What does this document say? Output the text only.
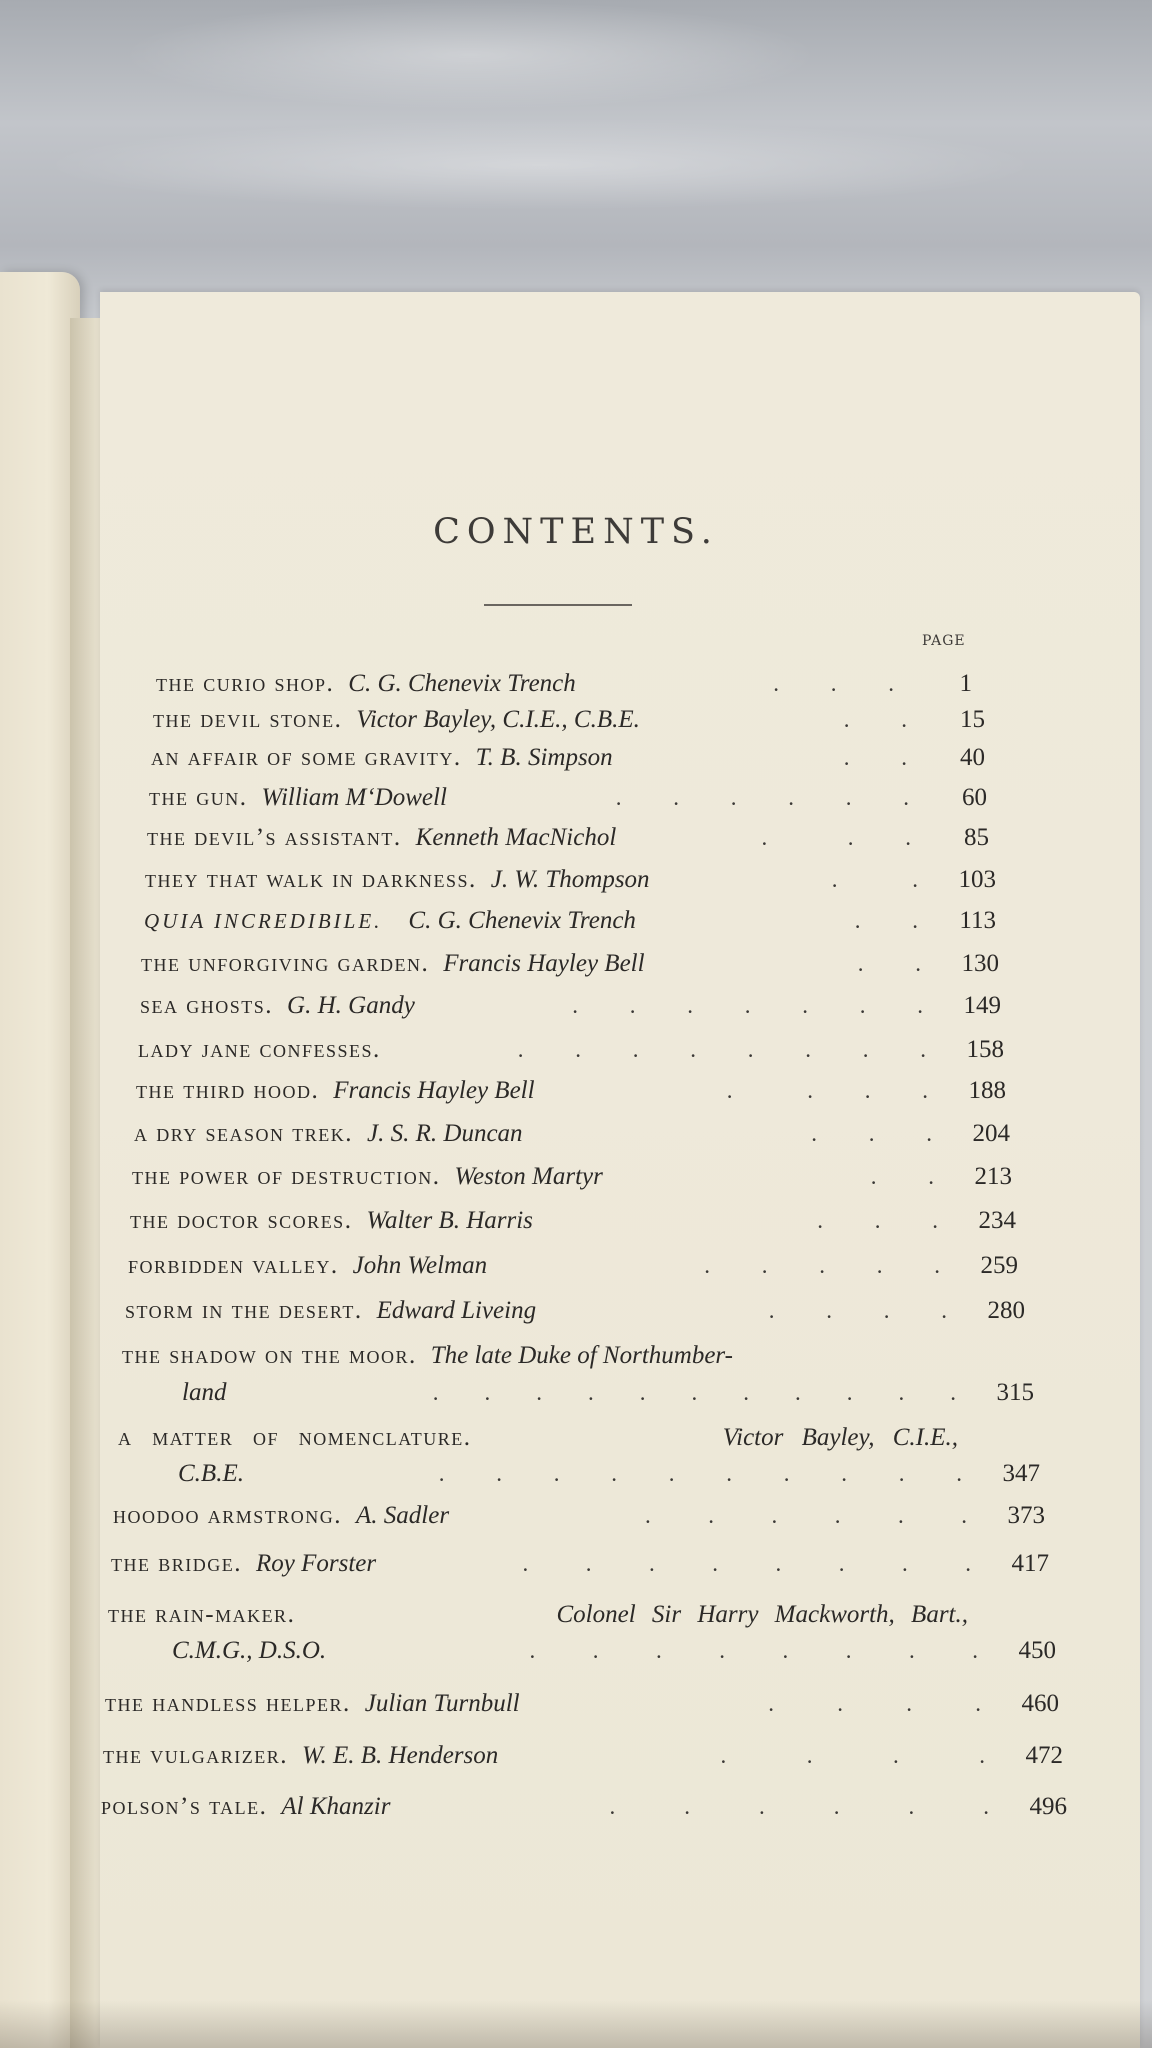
CONTENTS.
PAGE
the curio shop. C. G. Chenevix Trench	.         .         .	1
the devil stone. Victor Bayley, C.I.E., C.B.E.	.         .	15
an affair of some gravity. T. B. Simpson	.         .	40
the gun. William M‘Dowell	.         .         .         .         .         .	60
the devil’s assistant. Kenneth MacNichol	.              .         .	85
they that walk in darkness. J. W. Thompson	.             .	103
QUIA INCREDIBILE. C. G. Chenevix Trench	.         .	113
the unforgiving garden. Francis Hayley Bell	.         .	130
sea ghosts. G. H. Gandy	.         .         .         .         .         .         .	149
lady jane confesses.	.         .         .         .         .         .         .         .	158
the third hood. Francis Hayley Bell	.             .         .         .	188
a dry season trek. J. S. R. Duncan	.         .         .	204
the power of destruction. Weston Martyr	.         .	213
the doctor scores. Walter B. Harris	.         .         .	234
forbidden valley. John Welman	.         .         .         .         .	259
storm in the desert. Edward Liveing	.         .         .         .	280
the shadow on the moor. The late Duke of Northumber-
land	.        .        .        .        .        .        .        .        .        .        .	315
a matter of nomenclature.	Victor Bayley, C.I.E.,
C.B.E.	.         .         .         .         .         .         .         .         .         .	347
hoodoo armstrong. A. Sadler	.          .          .          .          .          .	373
the bridge. Roy Forster	.          .          .          .          .          .          .          .	417
the rain-maker.	Colonel Sir Harry Mackworth, Bart.,
C.M.G., D.S.O.	.          .          .          .          .          .          .          .	450
the handless helper. Julian Turnbull	.           .           .           .	460
the vulgarizer. W. E. B. Henderson	.              .              .              .	472
polson’s tale. Al Khanzir	.            .            .            .            .            .	496
